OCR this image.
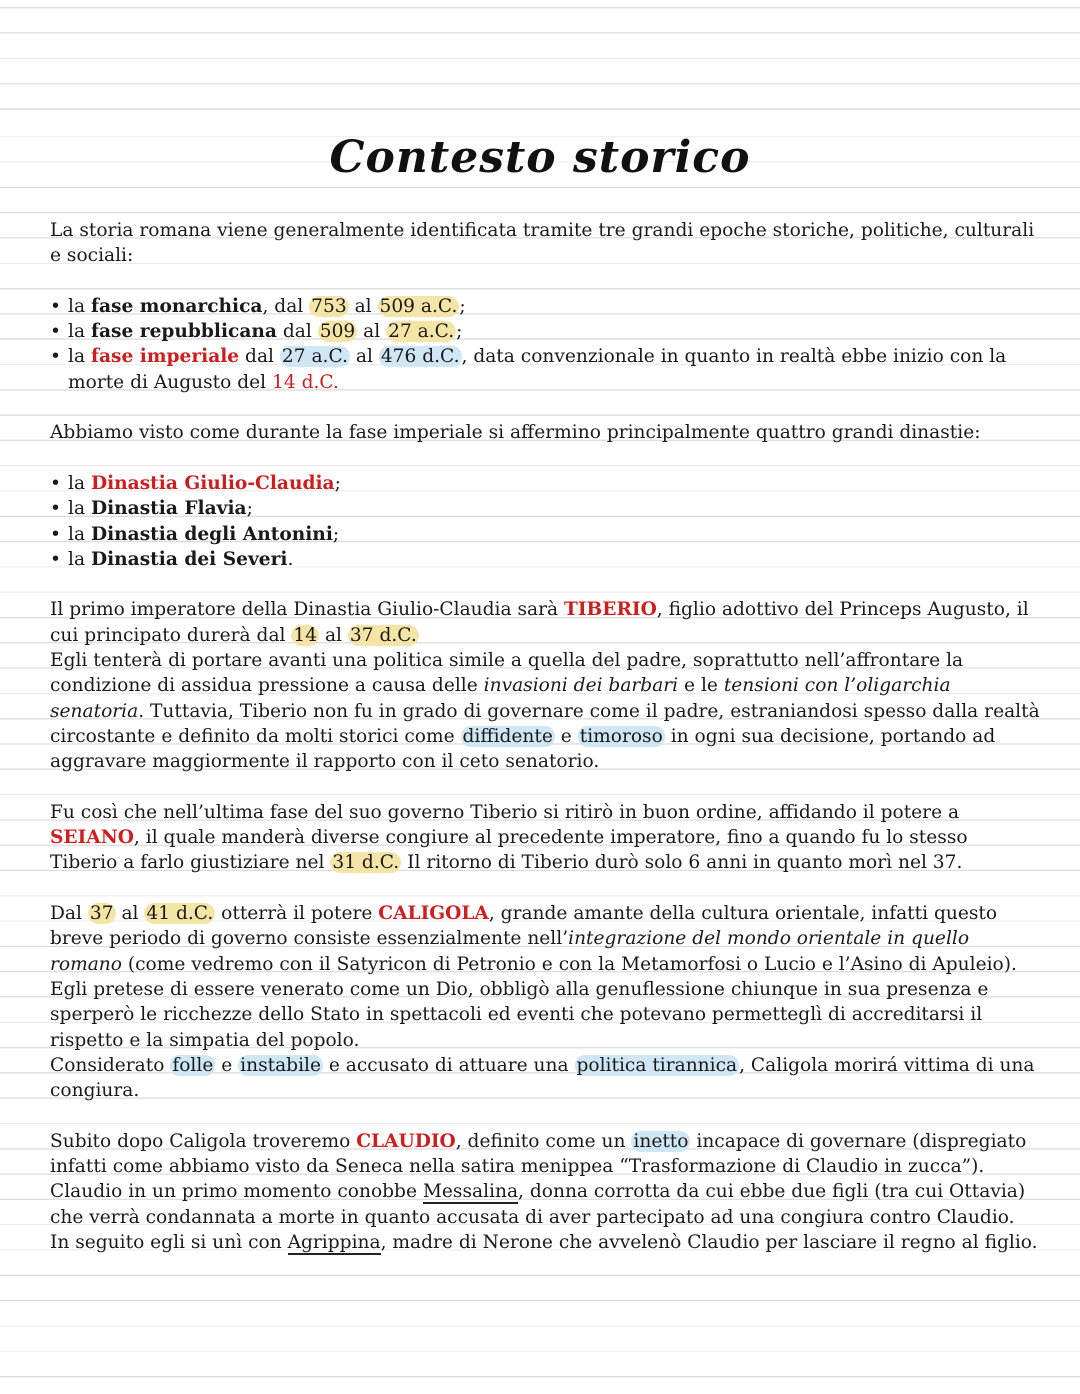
Contesto storico

La storia romana viene generalmente identificata tramite tre grandi epoche storiche, politiche, culturali e sociali:

• la fase monarchica, dal 753 al 509 a.C. ;
• la fase repubblicana dal 509 al 27 a.C. ;
• la fase imperiale dal 27 a.C. al 476 d.C. , data convenzionale in quanto in realtà ebbe inizio con la morte di Augusto del 14 d.C.

Abbiamo visto come durante la fase imperiale si affermino principalmente quattro grandi dinastie:

• la Dinastia Giulio-Claudia;
• la Dinastia Flavia;
• la Dinastia degli Antonini;
• la Dinastia dei Severi.

Il primo imperatore della Dinastia Giulio-Claudia sarà TIBERIO, figlio adottivo del Princeps Augusto, il cui principato durerà dal 14 al 37 d.C.

Egli tenterà di portare avanti una politica simile a quella del padre, soprattutto nell’affrontare la condizione di assidua pressione a causa delle invasioni dei barbari e le tensioni con l’oligarchia senatoria. Tuttavia, Tiberio non fu in grado di governare come il padre, estraniandosi spesso dalla realtà circostante e definito da molti storici come diffidente e timoroso in ogni sua decisione, portando ad aggravare maggiormente il rapporto con il ceto senatorio.

Fu così che nell’ultima fase del suo governo Tiberio si ritirò in buon ordine, affidando il potere a SEIANO, il quale manderà diverse congiure al precedente imperatore, fino a quando fu lo stesso Tiberio a farlo giustiziare nel 31 d.C. Il ritorno di Tiberio durò solo 6 anni in quanto morì nel 37.

Dal 37 al 41 d.C. otterrà il potere CALIGOLA, grande amante della cultura orientale, infatti questo breve periodo di governo consiste essenzialmente nell’integrazione del mondo orientale in quello romano (come vedremo con il Satyricon di Petronio e con la Metamorfosi o Lucio e l’Asino di Apuleio). Egli pretese di essere venerato come un Dio, obbligò alla genuflessione chiunque in sua presenza e sperperò le ricchezze dello Stato in spettacoli ed eventi che potevano permetteglì di accreditarsi il rispetto e la simpatia del popolo.

Considerato folle e instabile e accusato di attuare una politica tirannica , Caligola morirá vittima di una congiura.

Subito dopo Caligola troveremo CLAUDIO, definito come un inetto incapace di governare (dispregiato infatti come abbiamo visto da Seneca nella satira menippea “Trasformazione di Claudio in zucca”).

Claudio in un primo momento conobbe Messalina, donna corrotta da cui ebbe due figli (tra cui Ottavia) che verrà condannata a morte in quanto accusata di aver partecipato ad una congiura contro Claudio.

In seguito egli si unì con Agrippina, madre di Nerone che avvelenò Claudio per lasciare il regno al figlio.
